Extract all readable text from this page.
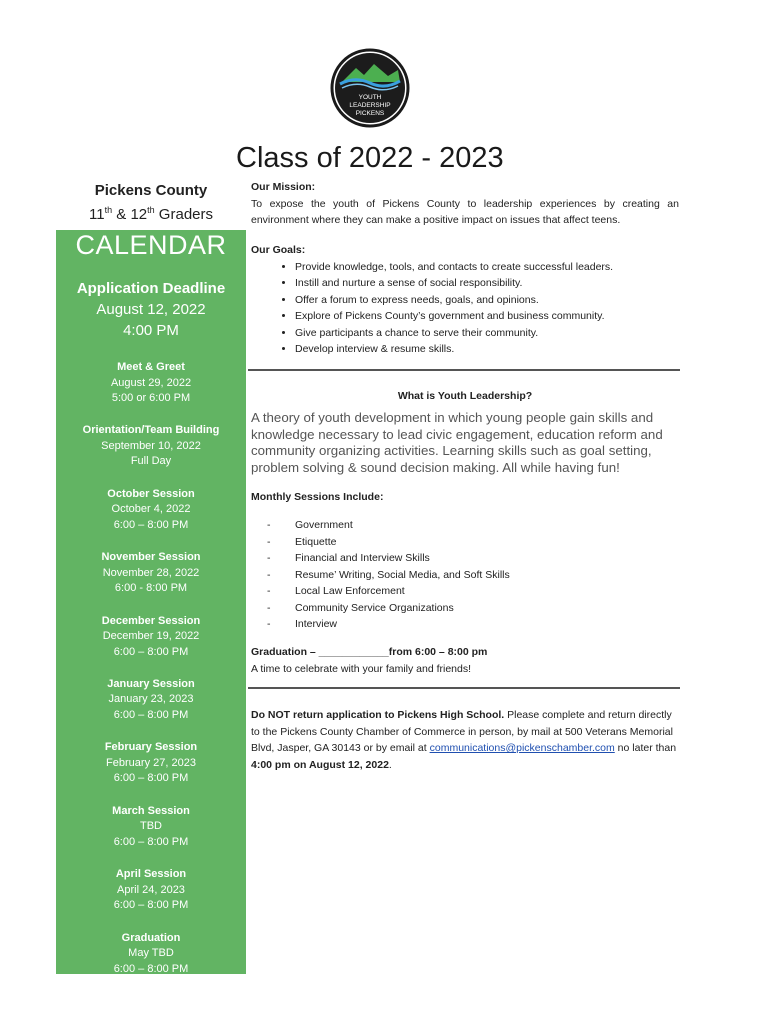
YOUTH
LEADERSHIP
PICKENS
Class of 2022 - 2023
Pickens County
11th & 12th Graders
CALENDAR
Application Deadline
August 12, 2022
4:00 PM
Meet & Greet
August 29, 2022
5:00 or 6:00 PM
Orientation/Team Building
September 10, 2022
Full Day
October Session
October 4, 2022
6:00 – 8:00 PM
November Session
November 28, 2022
6:00 - 8:00 PM
December Session
December 19, 2022
6:00 – 8:00 PM
January Session
January 23, 2023
6:00 – 8:00 PM
February Session
February 27, 2023
6:00 – 8:00 PM
March Session
TBD
6:00 – 8:00 PM
April Session
April 24, 2023
6:00 – 8:00 PM
Graduation
May TBD
6:00 – 8:00 PM
Our Mission:
To expose the youth of Pickens County to leadership experiences by creating an environment where they can make a positive impact on issues that affect teens.
Our Goals:
• Provide knowledge, tools, and contacts to create successful leaders.
• Instill and nurture a sense of social responsibility.
• Offer a forum to express needs, goals, and opinions.
• Explore of Pickens County’s government and business community.
• Give participants a chance to serve their community.
• Develop interview & resume skills.
What is Youth Leadership?
A theory of youth development in which young people gain skills and knowledge necessary to lead civic engagement, education reform and community organizing activities. Learning skills such as goal setting, problem solving & sound decision making. All while having fun!
Monthly Sessions Include:
- Government
- Etiquette
- Financial and Interview Skills
- Resume’ Writing, Social Media, and Soft Skills
- Local Law Enforcement
- Community Service Organizations
- Interview
Graduation – ____________from 6:00 – 8:00 pm
A time to celebrate with your family and friends!
Do NOT return application to Pickens High School. Please complete and return directly to the Pickens County Chamber of Commerce in person, by mail at 500 Veterans Memorial Blvd, Jasper, GA 30143 or by email at communications@pickenschamber.com no later than 4:00 pm on August 12, 2022.
